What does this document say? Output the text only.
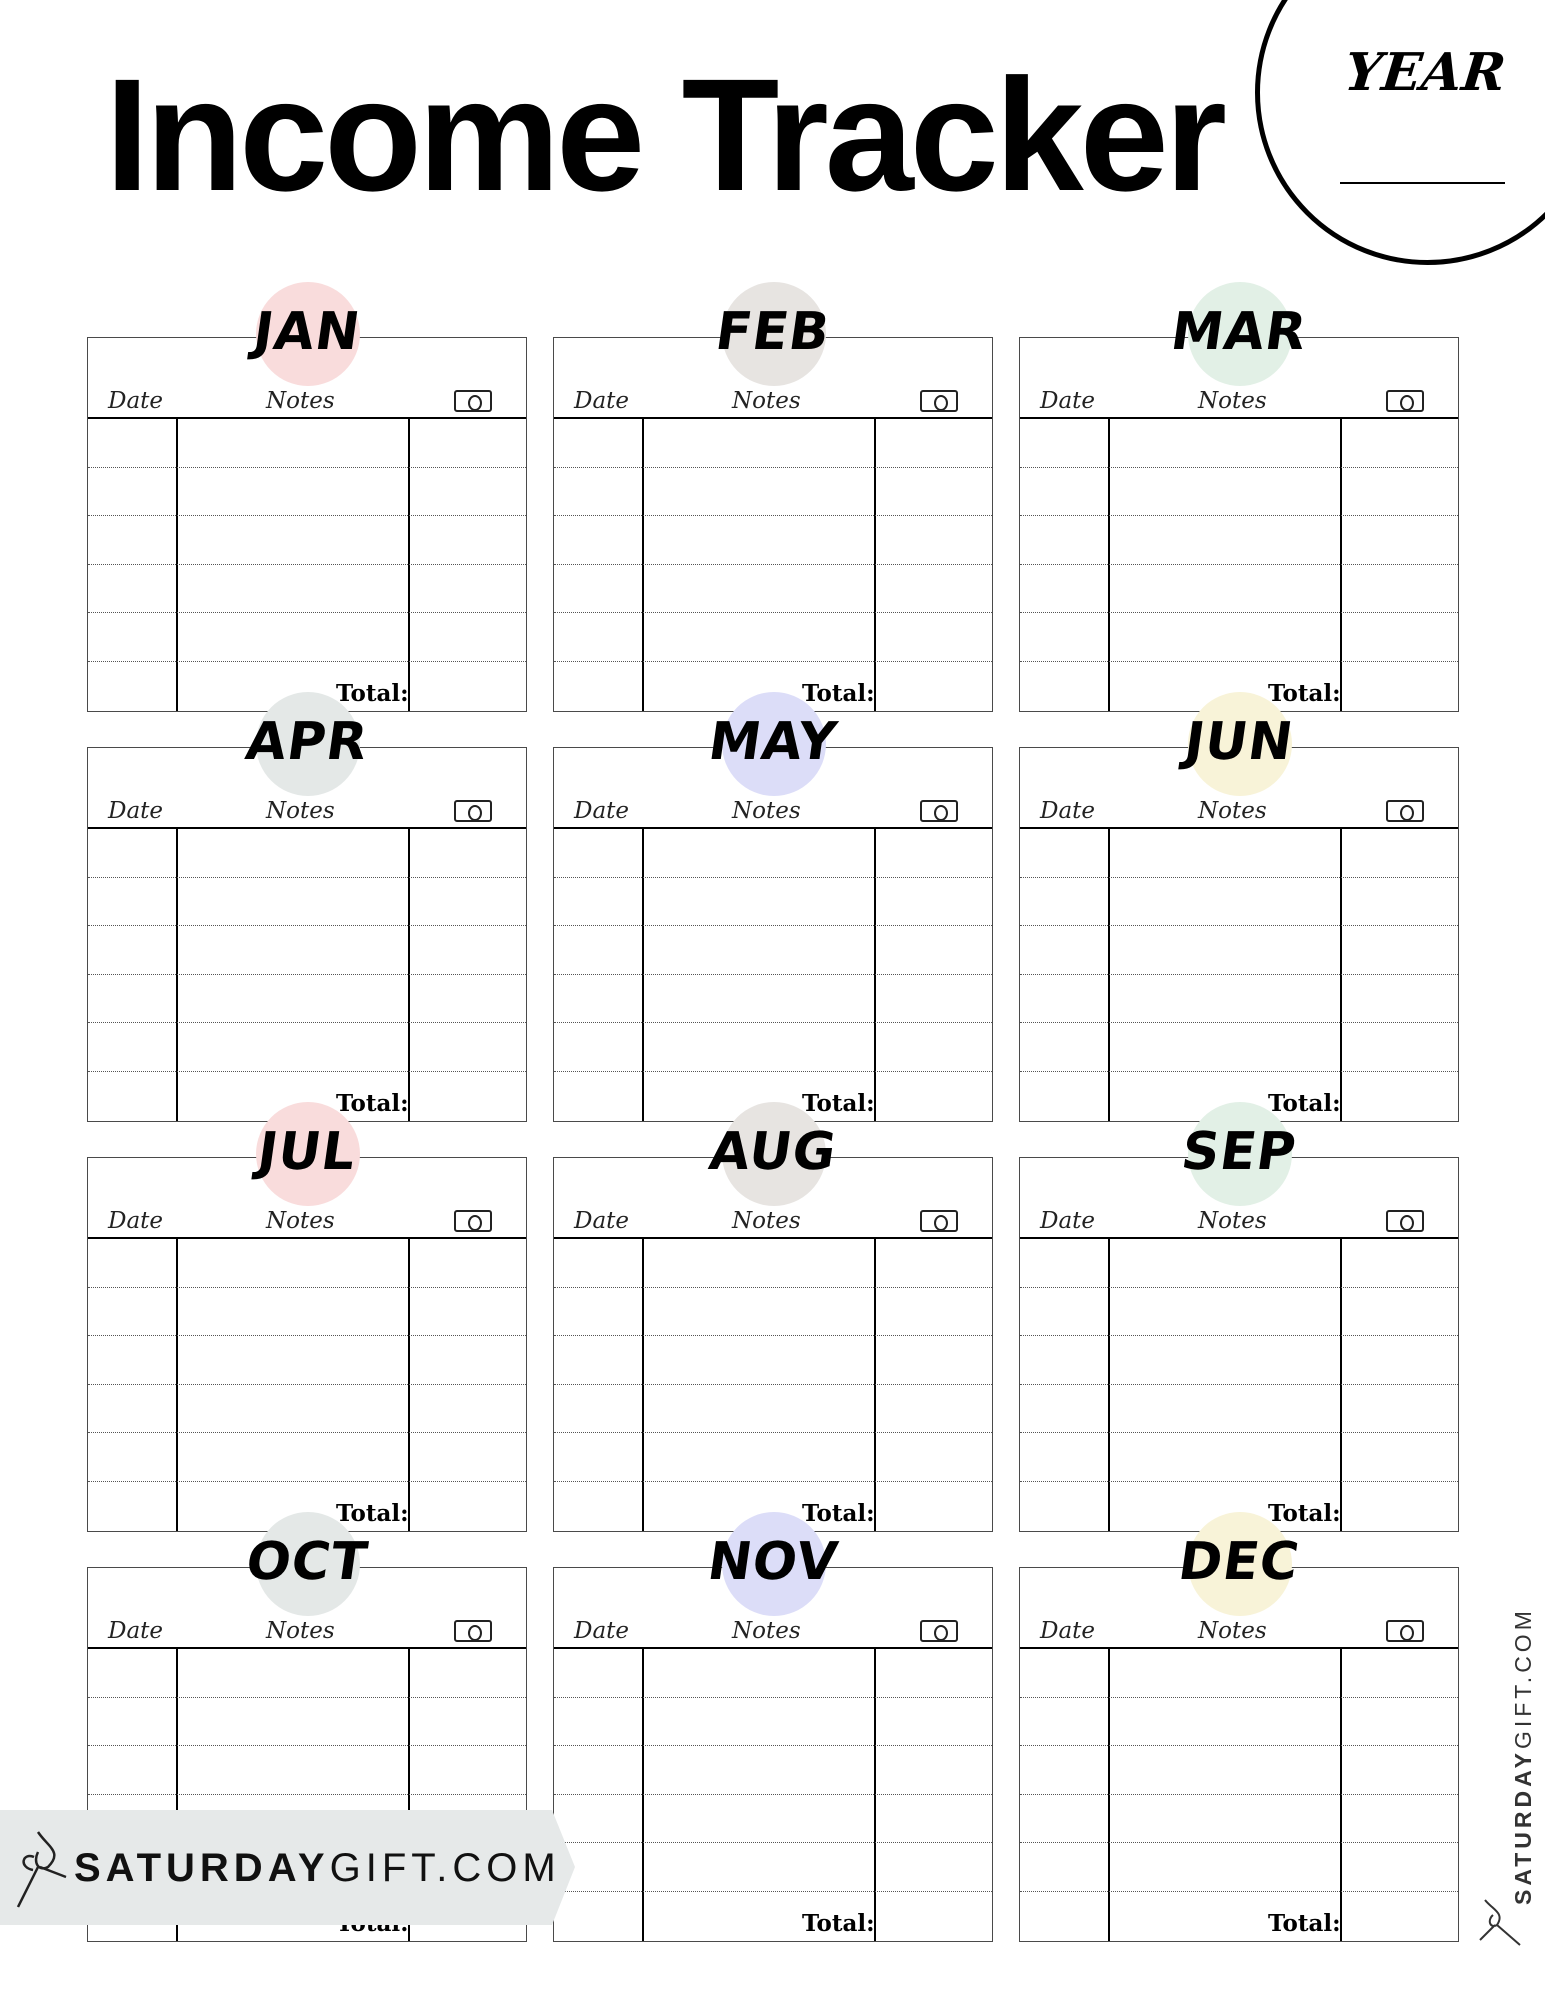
Income Tracker YEAR
JAN
Date	Notes
Total:
FEB
Date	Notes
Total:
MAR
Date	Notes
Total:
APR
Date	Notes
Total:
MAY
Date	Notes
Total:
JUN
Date	Notes
Total:
JUL
Date	Notes
Total:
AUG
Date	Notes
Total:
SEP
Date	Notes
Total:
OCT
Date	Notes
NOV
Date	Notes
Total:
DEC
Date	Notes
Total:
SATURDAYGIFT.COM	SATURDAYGIFT.COM
